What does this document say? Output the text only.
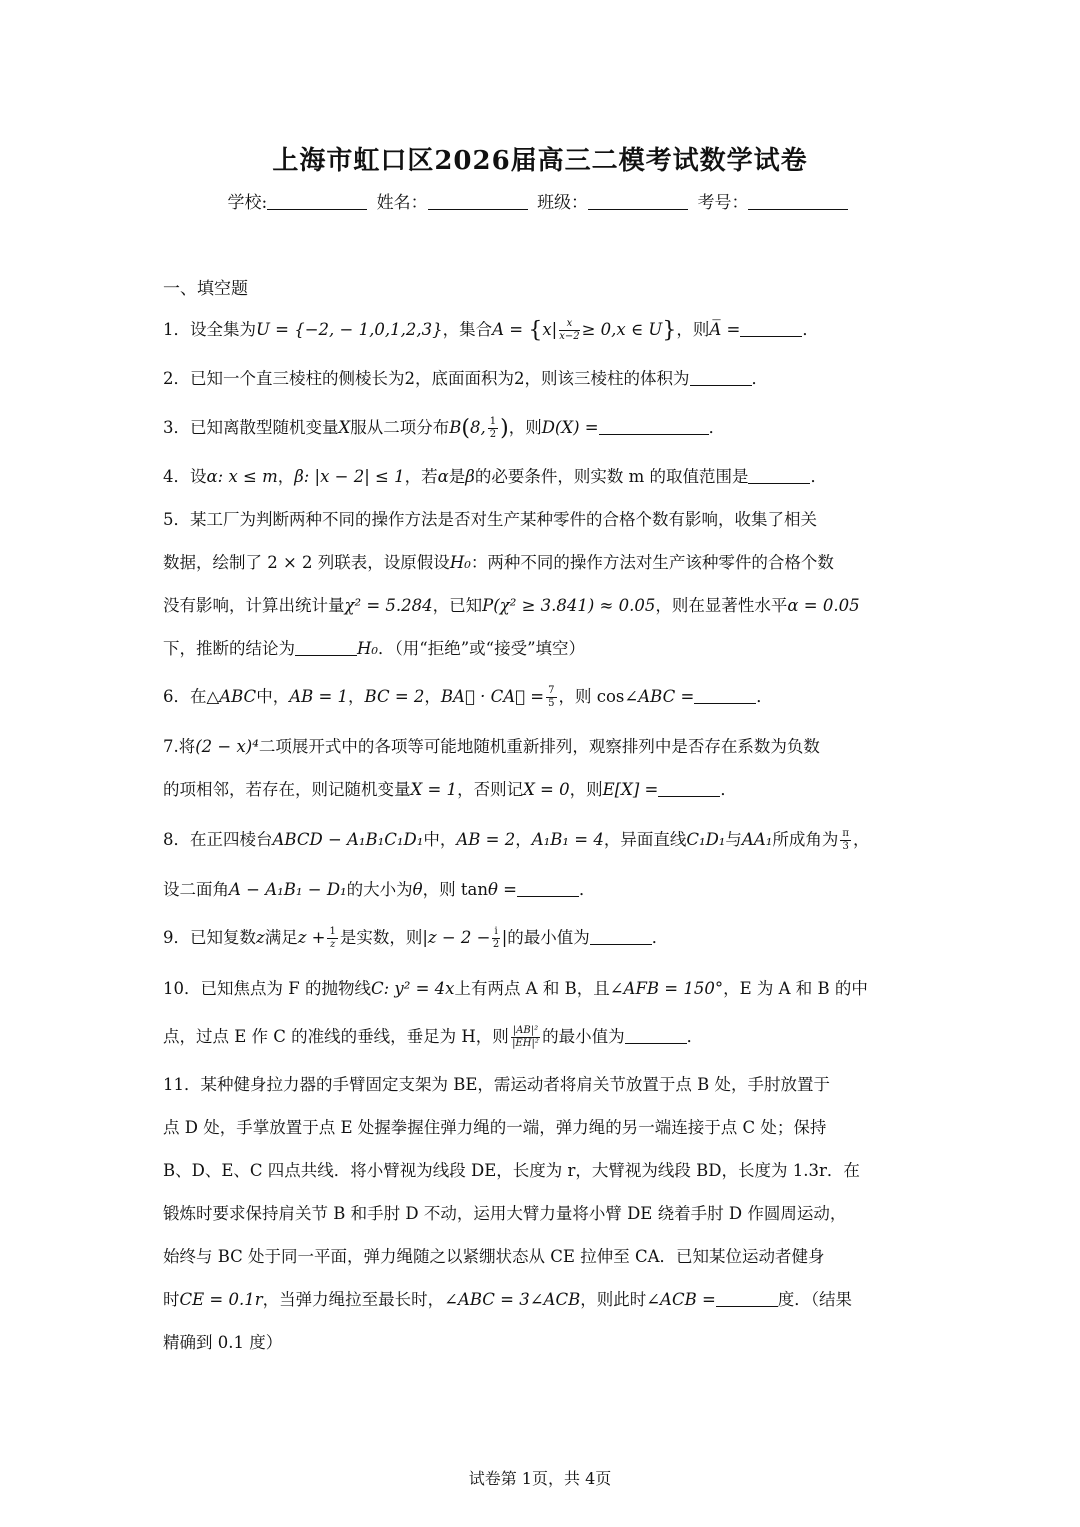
上海市虹口区2026届高三二模考试数学试卷
学校:	姓名：	班级：	考号：
一、填空题
1．设全集为U = {−2, − 1,0,1,2,3}，集合$A = \{x| \frac{x}{x-2} \ge 0,x$ ∈ U}，则A̅ =	．
2．已知一个直三棱柱的侧棱长为2，底面面积为2，则该三棱柱的体积为	．
3．已知离散型随机变量X服从二项分布B(8, $\frac{1}{2}$ )，则D(X) =	．
4．设α: x ≤ m，β: |x − 2| ≤ 1，若α是β的必要条件，则实数 m 的取值范围是	．
5．某工厂为判断两种不同的操作方法是否对生产某种零件的合格个数有影响，收集了相关
数据，绘制了 2 × 2 列联表，设原假设H₀：两种不同的操作方法对生产该种零件的合格个数
没有影响，计算出统计量χ² = 5.284，已知P(χ² ≥ 3.841) ≈ 0.05，则在显著性水平α = 0.05
下，推断的结论为	H₀．（用“拒绝”或“接受”填空）
6．在△ABC中，AB = 1，BC = 2，BA⃗ · CA⃗ = $\frac{7}{5}$ ，则 cos∠ABC =	．
7.将(2 − x)⁴二项展开式中的各项等可能地随机重新排列，观察排列中是否存在系数为负数
的项相邻，若存在，则记随机变量X = 1，否则记X = 0，则E[X] =	．
8．在正四棱台ABCD − A₁B₁C₁D₁中，AB = 2，A₁B₁ = 4，异面直线C₁D₁与AA₁所成角为 $\frac{\pi}{3}$ ，
设二面角A − A₁B₁ − D₁的大小为θ，则 tanθ =	．
9．已知复数z满足$z + \frac{1}{z}$ 是实数，则$|z - 2 - \frac{i}{2}$ |的最小值为	．
10．已知焦点为 F 的抛物线C: y² = 4x上有两点 A 和 B，且∠AFB = 150°，E 为 A 和 B 的中
点，过点 E 作 C 的准线的垂线，垂足为 H，则 $\frac{\text{|AB|²}}{\text{|EH|²}}$ 的最小值为	．
11．某种健身拉力器的手臂固定支架为 BE，需运动者将肩关节放置于点 B 处，手肘放置于
点 D 处，手掌放置于点 E 处握拳握住弹力绳的一端，弹力绳的另一端连接于点 C 处；保持
B、D、E、C 四点共线．将小臂视为线段 DE，长度为 r，大臂视为线段 BD，长度为 1.3r．在
锻炼时要求保持肩关节 B 和手肘 D 不动，运用大臂力量将小臂 DE 绕着手肘 D 作圆周运动，
始终与 BC 处于同一平面，弹力绳随之以紧绷状态从 CE 拉伸至 CA．已知某位运动者健身
时CE = 0.1r，当弹力绳拉至最长时，∠ABC = 3∠ACB，则此时∠ACB =	度．（结果
精确到 0.1 度）
试卷第 1页，共 4页
